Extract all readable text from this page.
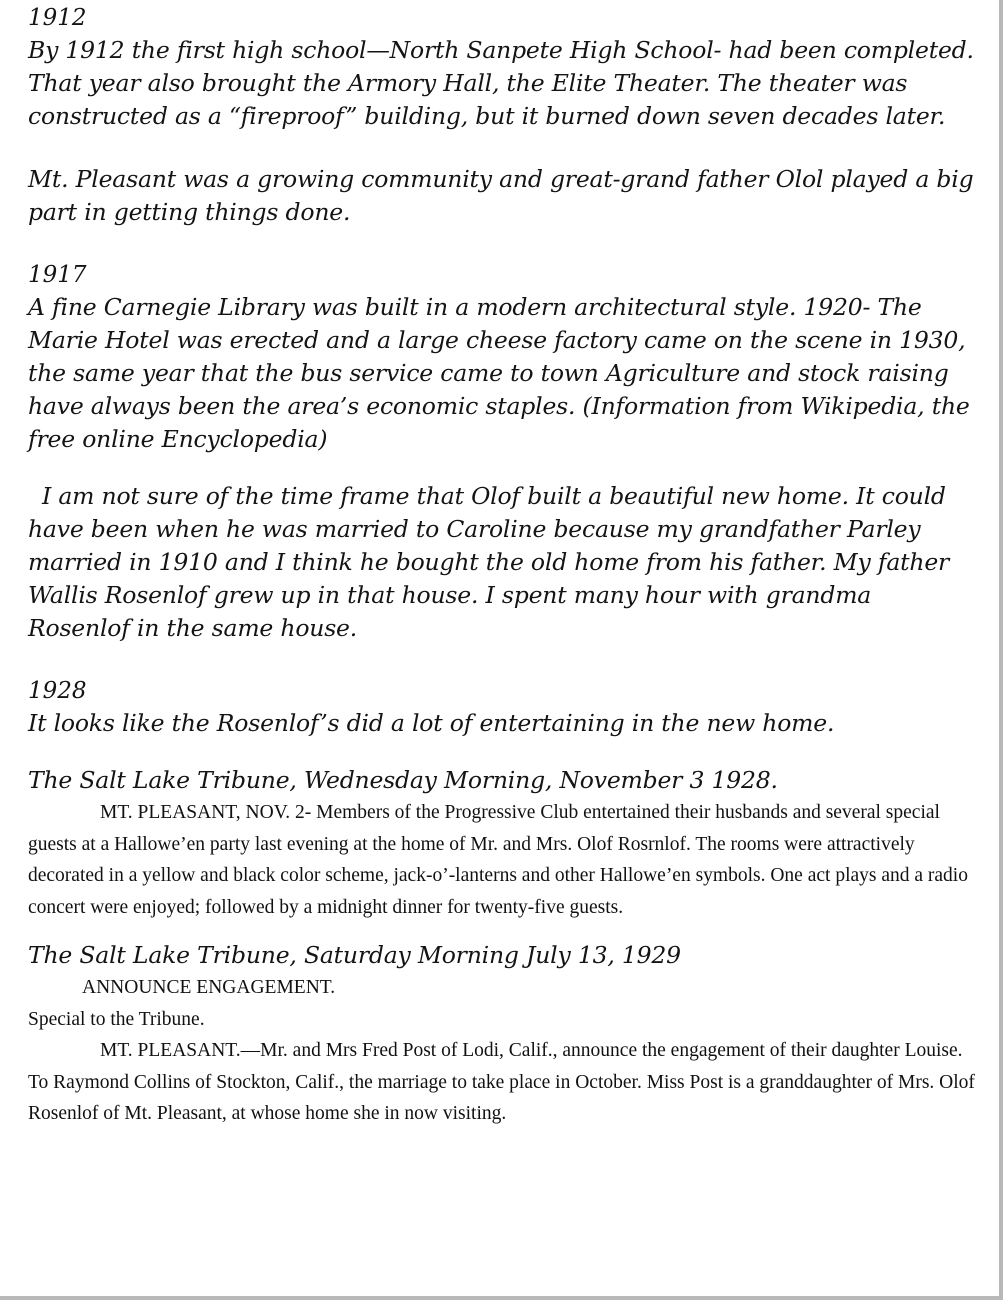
1912

By 1912 the first high school—North Sanpete High School- had been completed. That year also brought the Armory Hall, the Elite Theater. The theater was constructed as a “fireproof” building, but it burned down seven decades later.

Mt. Pleasant was a growing community and great-grand father Olol played a big part in getting things done.

1917

A fine Carnegie Library was built in a modern architectural style. 1920- The Marie Hotel was erected and a large cheese factory came on the scene in 1930, the same year that the bus service came to town Agriculture and stock raising have always been the area’s economic staples. (Information from Wikipedia, the free online Encyclopedia)

I am not sure of the time frame that Olof built a beautiful new home. It could have been when he was married to Caroline because my grandfather Parley married in 1910 and I think he bought the old home from his father. My father Wallis Rosenlof grew up in that house. I spent many hour with grandma Rosenlof in the same house.

1928

It looks like the Rosenlof’s did a lot of entertaining in the new home.

The Salt Lake Tribune, Wednesday Morning, November 3 1928.

MT. PLEASANT, NOV. 2- Members of the Progressive Club entertained their husbands and several special guests at a Hallowe’en party last evening at the home of Mr. and Mrs. Olof Rosrnlof. The rooms were attractively decorated in a yellow and black color scheme, jack-o’-lanterns and other Hallowe’en symbols. One act plays and a radio concert were enjoyed; followed by a midnight dinner for twenty-five guests.

The Salt Lake Tribune, Saturday Morning July 13, 1929

ANNOUNCE ENGAGEMENT.

Special to the Tribune.

MT. PLEASANT.—Mr. and Mrs Fred Post of Lodi, Calif., announce the engagement of their daughter Louise. To Raymond Collins of Stockton, Calif., the marriage to take place in October. Miss Post is a granddaughter of Mrs. Olof Rosenlof of Mt. Pleasant, at whose home she in now visiting.
